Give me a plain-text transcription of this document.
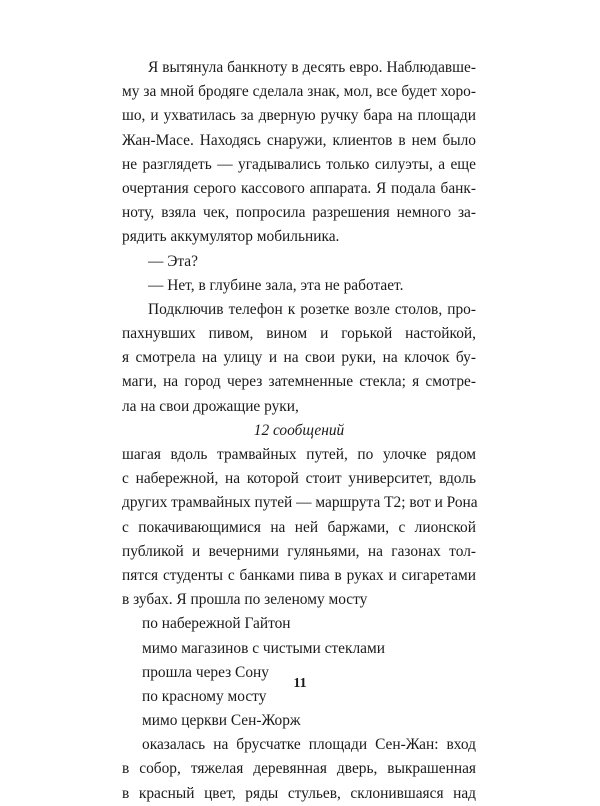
Я вытянула банкноту в десять евро. Наблюдавше-
му за мной бродяге сделала знак, мол, все будет хоро-
шо, и ухватилась за дверную ручку бара на площади
Жан-Масе. Находясь снаружи, клиентов в нем было
не разглядеть — угадывались только силуэты, а еще
очертания серого кассового аппарата. Я подала банк-
ноту, взяла чек, попросила разрешения немного за-
рядить аккумулятор мобильника.
— Эта?
— Нет, в глубине зала, эта не работает.
Подключив телефон к розетке возле столов, про-
пахнувших пивом, вином и горькой настойкой,
я смотрела на улицу и на свои руки, на клочок бу-
маги, на город через затемненные стекла; я смотре-
ла на свои дрожащие руки,
12 сообщений
шагая вдоль трамвайных путей, по улочке рядом
с набережной, на которой стоит университет, вдоль
других трамвайных путей — маршрута Т2; вот и Рона
с покачивающимися на ней баржами, с лионской
публикой и вечерними гуляньями, на газонах тол-
пятся студенты с банками пива в руках и сигаретами
в зубах. Я прошла по зеленому мосту
по набережной Гайтон
мимо магазинов с чистыми стеклами
прошла через Сону
по красному мосту
мимо церкви Сен-Жорж
оказалась на брусчатке площади Сен-Жан: вход
в собор, тяжелая деревянная дверь, выкрашенная
в красный цвет, ряды стульев, склонившаяся над
11
